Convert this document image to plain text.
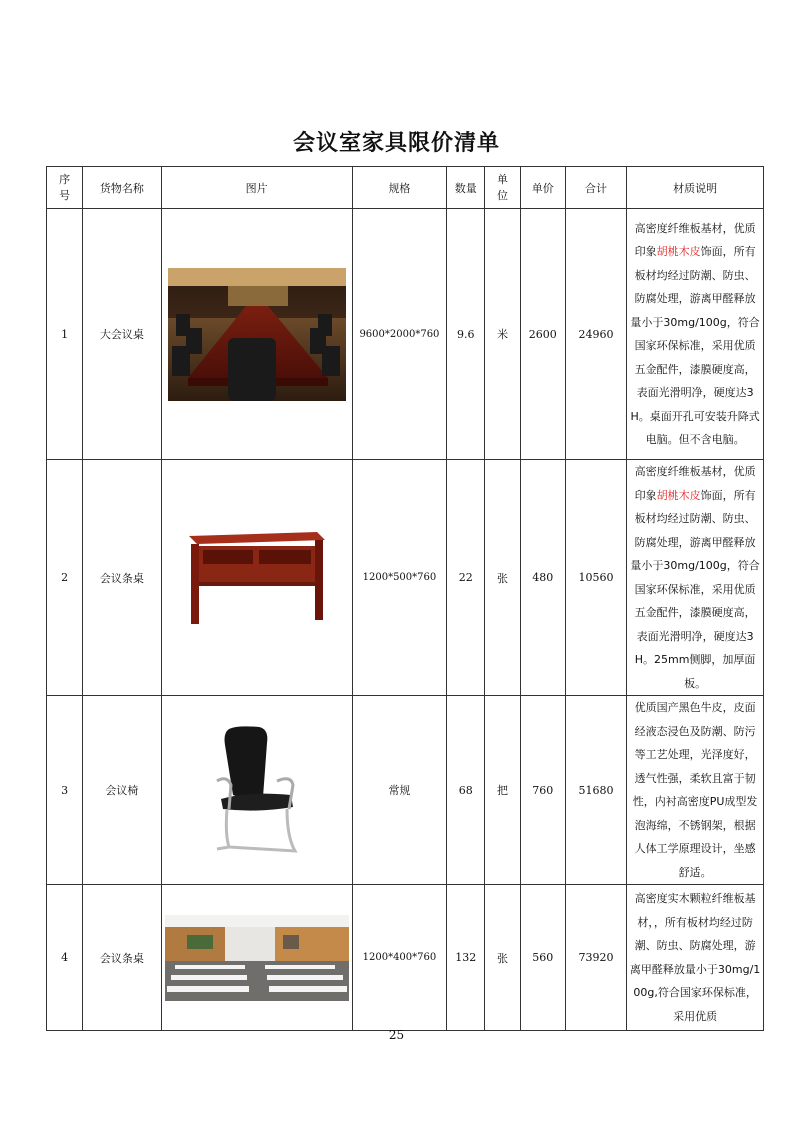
会议室家具限价清单
序号	货物名称	图片	规格	数量	单位	单价	合计	材质说明
1	大会议桌		9600*2000*760	9.6	米	2600	24960	高密度纤维板基材，优质印象胡桃木皮饰面，所有板材均经过防潮、防虫、防腐处理，游离甲醛释放量小于30mg/100g，符合国家环保标准，采用优质五金配件，漆膜硬度高，表面光滑明净，硬度达3H。桌面开孔可安装升降式电脑。但不含电脑。
2	会议条桌		1200*500*760	22	张	480	10560	高密度纤维板基材，优质印象胡桃木皮饰面，所有板材均经过防潮、防虫、防腐处理，游离甲醛释放量小于30mg/100g，符合国家环保标准，采用优质五金配件，漆膜硬度高，表面光滑明净，硬度达3H。25mm侧脚，加厚面板。
3	会议椅		常规	68	把	760	51680	优质国产黑色牛皮，皮面经液态浸色及防潮、防污等工艺处理，光泽度好，透气性强，柔软且富于韧性，内衬高密度PU成型发泡海绵，不锈钢架，根据人体工学原理设计，坐感舒适。
4	会议条桌		1200*400*760	132	张	560	73920	高密度实木颗粒纤维板基材，，所有板材均经过防潮、防虫、防腐处理，游离甲醛释放量小于30mg/100g,符合国家环保标准，采用优质
25
